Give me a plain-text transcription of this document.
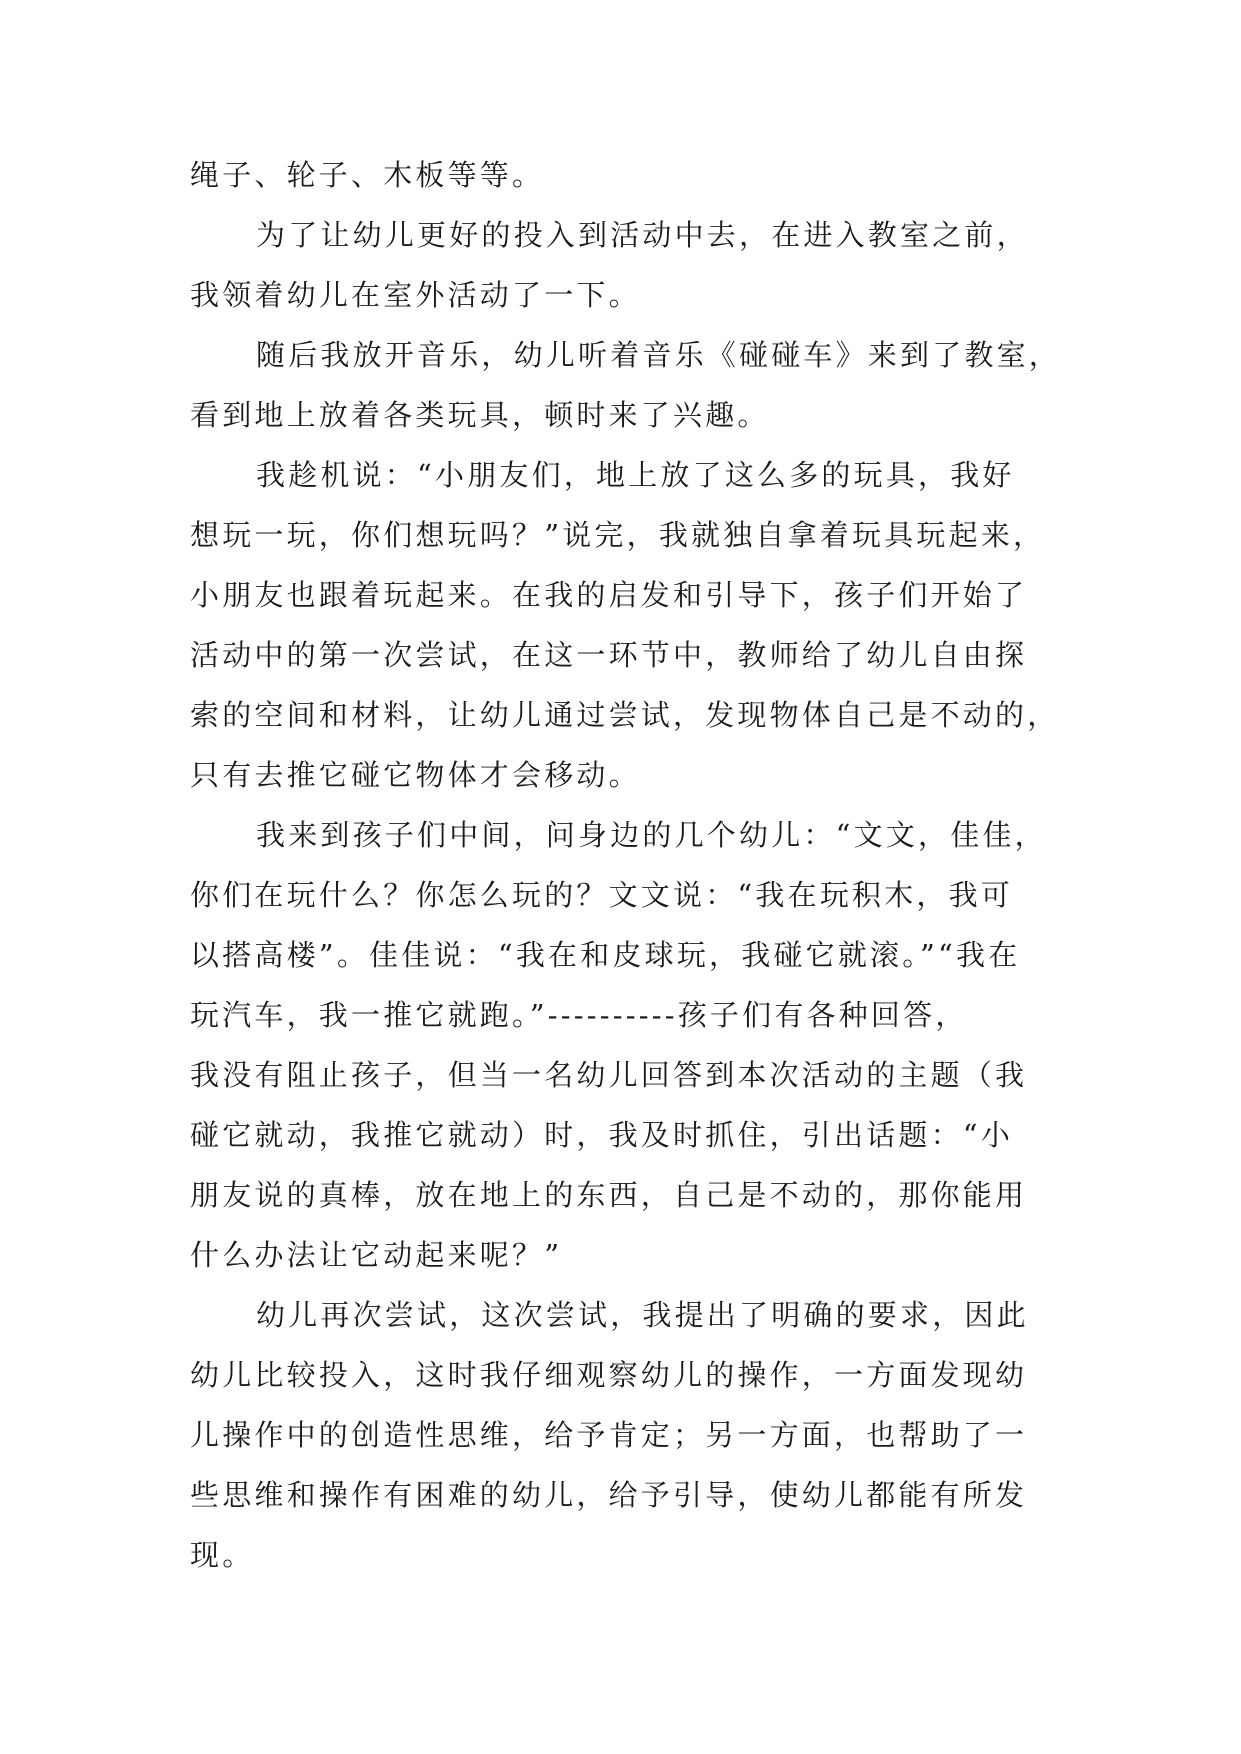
绳子、轮子、木板等等。
为了让幼儿更好的投入到活动中去，在进入教室之前，
我领着幼儿在室外活动了一下。
随后我放开音乐，幼儿听着音乐《碰碰车》来到了教室，
看到地上放着各类玩具，顿时来了兴趣。
我趁机说：“小朋友们，地上放了这么多的玩具，我好
想玩一玩，你们想玩吗？”说完，我就独自拿着玩具玩起来，
小朋友也跟着玩起来。在我的启发和引导下，孩子们开始了
活动中的第一次尝试，在这一环节中，教师给了幼儿自由探
索的空间和材料，让幼儿通过尝试，发现物体自己是不动的，
只有去推它碰它物体才会移动。
我来到孩子们中间，问身边的几个幼儿：“文文，佳佳，
你们在玩什么？你怎么玩的？文文说：“我在玩积木，我可
以搭高楼”。佳佳说：“我在和皮球玩，我碰它就滚。”“我在
玩汽车，我一推它就跑。”----------孩子们有各种回答，
我没有阻止孩子，但当一名幼儿回答到本次活动的主题（我
碰它就动，我推它就动）时，我及时抓住，引出话题：“小
朋友说的真棒，放在地上的东西，自己是不动的，那你能用
什么办法让它动起来呢？”
幼儿再次尝试，这次尝试，我提出了明确的要求，因此
幼儿比较投入，这时我仔细观察幼儿的操作，一方面发现幼
儿操作中的创造性思维，给予肯定；另一方面，也帮助了一
些思维和操作有困难的幼儿，给予引导，使幼儿都能有所发
现。
